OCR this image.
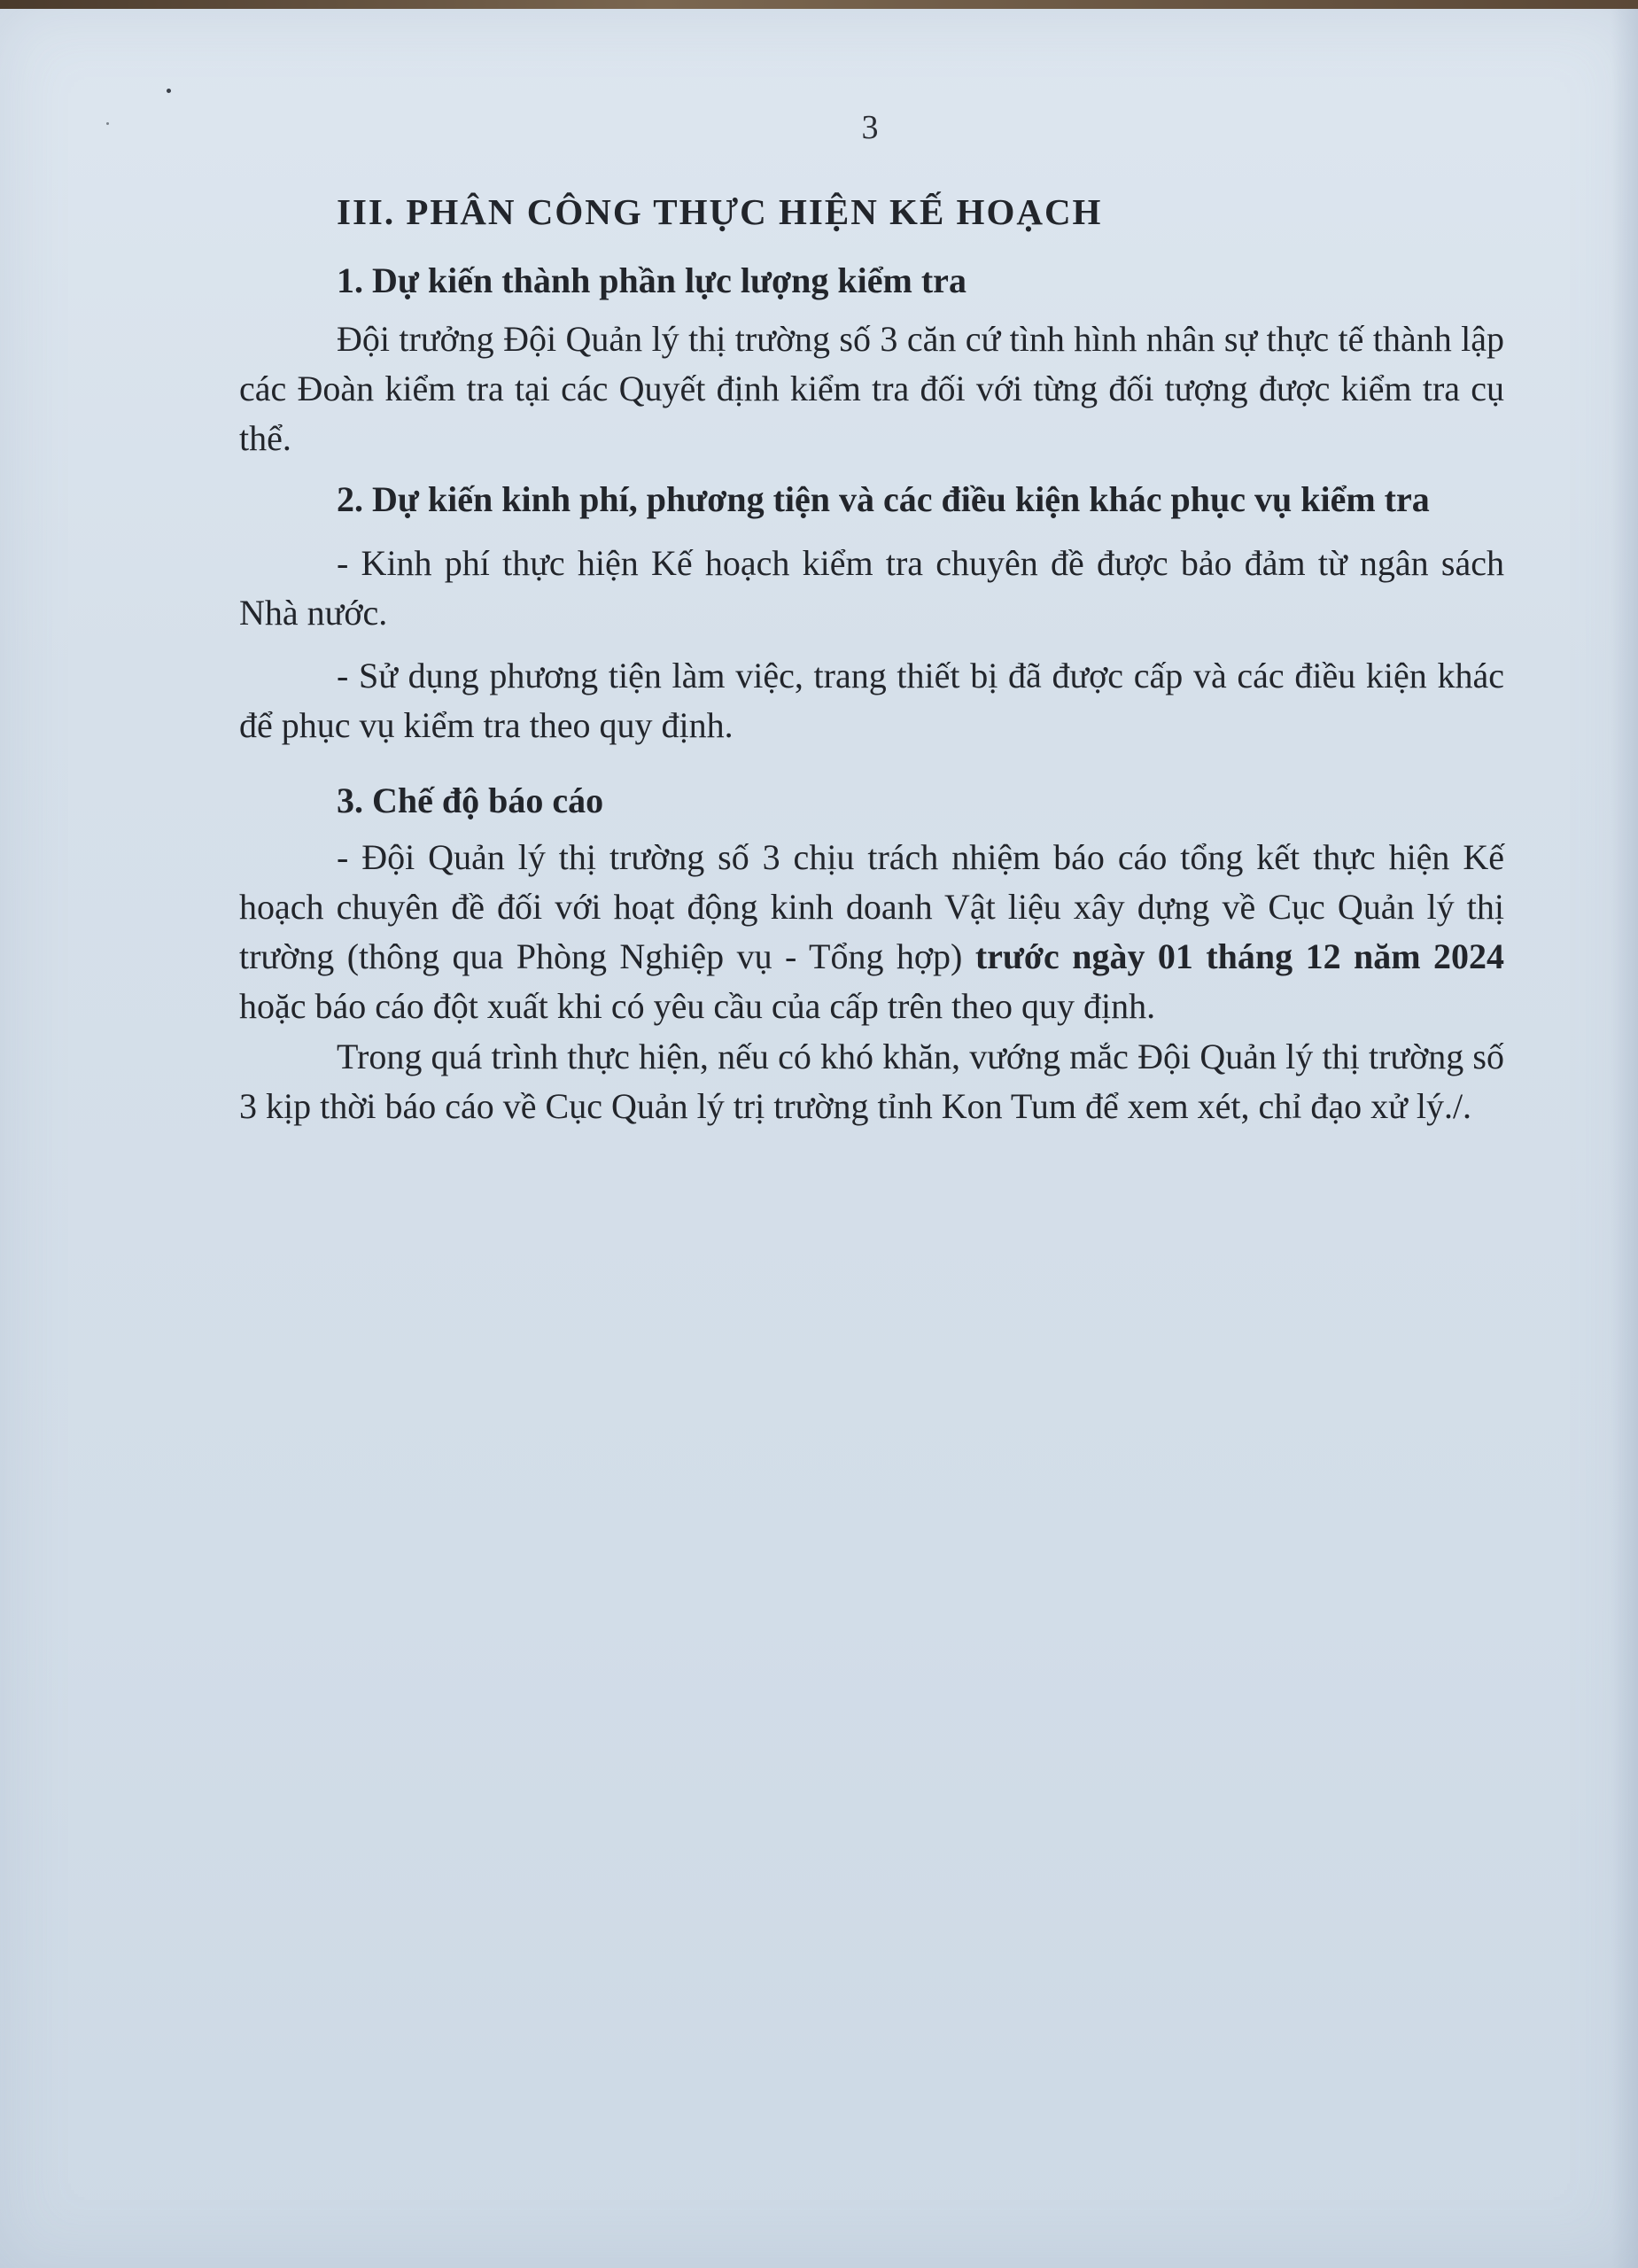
3
III. PHÂN CÔNG THỰC HIỆN KẾ HOẠCH
1. Dự kiến thành phần lực lượng kiểm tra

Đội trưởng Đội Quản lý thị trường số 3 căn cứ tình hình nhân sự thực tế thành lập các Đoàn kiểm tra tại các Quyết định kiểm tra đối với từng đối tượng được kiểm tra cụ thể.

2. Dự kiến kinh phí, phương tiện và các điều kiện khác phục vụ kiểm tra

- Kinh phí thực hiện Kế hoạch kiểm tra chuyên đề được bảo đảm từ ngân sách Nhà nước.

- Sử dụng phương tiện làm việc, trang thiết bị đã được cấp và các điều kiện khác để phục vụ kiểm tra theo quy định.

3. Chế độ báo cáo

- Đội Quản lý thị trường số 3 chịu trách nhiệm báo cáo tổng kết thực hiện Kế hoạch chuyên đề đối với hoạt động kinh doanh Vật liệu xây dựng về Cục Quản lý thị trường (thông qua Phòng Nghiệp vụ - Tổng hợp) trước ngày 01 tháng 12 năm 2024 hoặc báo cáo đột xuất khi có yêu cầu của cấp trên theo quy định.

Trong quá trình thực hiện, nếu có khó khăn, vướng mắc Đội Quản lý thị trường số 3 kịp thời báo cáo về Cục Quản lý trị trường tỉnh Kon Tum để xem xét, chỉ đạo xử lý./.
